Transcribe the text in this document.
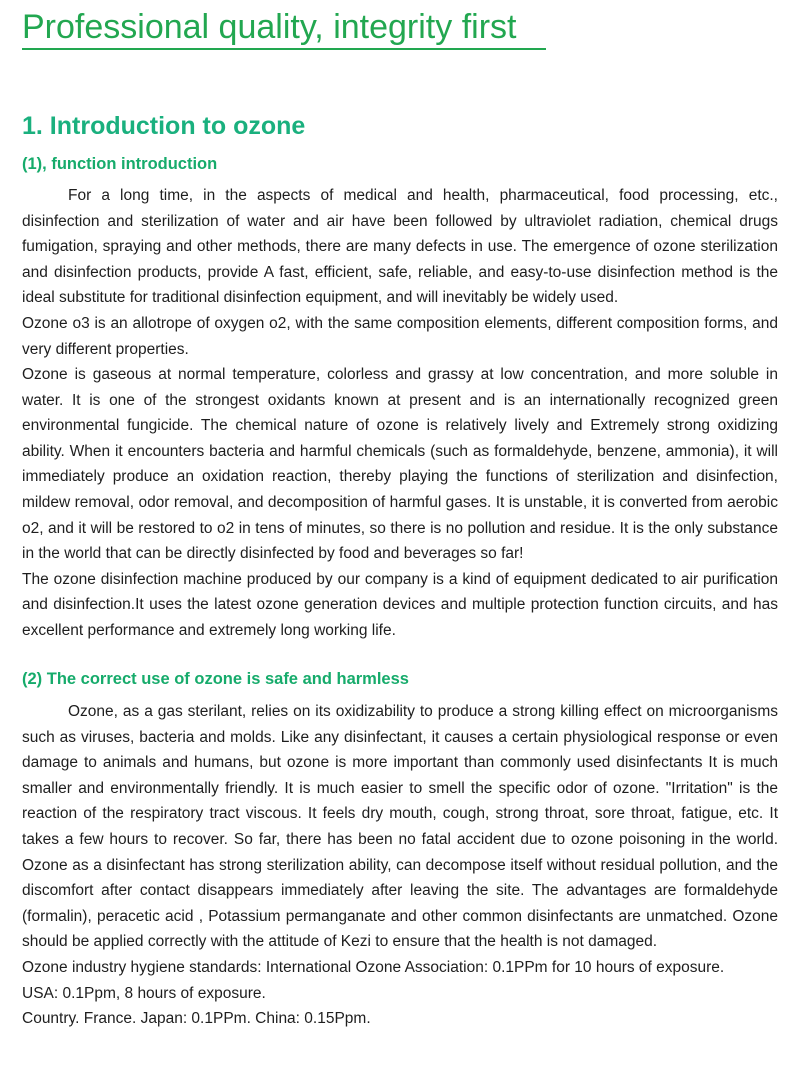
Professional quality, integrity first
1. Introduction to ozone
(1), function introduction

For a long time, in the aspects of medical and health, pharmaceutical, food processing, etc., disinfection and sterilization of water and air have been followed by ultraviolet radiation, chemical drugs fumigation, spraying and other methods, there are many defects in use. The emergence of ozone sterilization and disinfection products, provide A fast, efficient, safe, reliable, and easy-to-use disinfection method is the ideal substitute for traditional disinfection equipment, and will inevitably be widely used.

Ozone o3 is an allotrope of oxygen o2, with the same composition elements, different composition forms, and very different properties.

Ozone is gaseous at normal temperature, colorless and grassy at low concentration, and more soluble in water. It is one of the strongest oxidants known at present and is an internationally recognized green environmental fungicide. The chemical nature of ozone is relatively lively and Extremely strong oxidizing ability. When it encounters bacteria and harmful chemicals (such as formaldehyde, benzene, ammonia), it will immediately produce an oxidation reaction, thereby playing the functions of sterilization and disinfection, mildew removal, odor removal, and decomposition of harmful gases. It is unstable, it is converted from aerobic o2, and it will be restored to o2 in tens of minutes, so there is no pollution and residue. It is the only substance in the world that can be directly disinfected by food and beverages so far!

The ozone disinfection machine produced by our company is a kind of equipment dedicated to air purification and disinfection.It uses the latest ozone generation devices and multiple protection function circuits, and has excellent performance and extremely long working life.

(2) The correct use of ozone is safe and harmless

Ozone, as a gas sterilant, relies on its oxidizability to produce a strong killing effect on microorganisms such as viruses, bacteria and molds. Like any disinfectant, it causes a certain physiological response or even damage to animals and humans, but ozone is more important than commonly used disinfectants It is much smaller and environmentally friendly. It is much easier to smell the specific odor of ozone. "Irritation" is the reaction of the respiratory tract viscous. It feels dry mouth, cough, strong throat, sore throat, fatigue, etc. It takes a few hours to recover. So far, there has been no fatal accident due to ozone poisoning in the world. Ozone as a disinfectant has strong sterilization ability, can decompose itself without residual pollution, and the discomfort after contact disappears immediately after leaving the site. The advantages are formaldehyde (formalin), peracetic acid , Potassium permanganate and other common disinfectants are unmatched. Ozone should be applied correctly with the attitude of Kezi to ensure that the health is not damaged.

Ozone industry hygiene standards: International Ozone Association: 0.1PPm for 10 hours of exposure.

USA: 0.1Ppm, 8 hours of exposure.

Country. France. Japan: 0.1PPm. China: 0.15Ppm.
